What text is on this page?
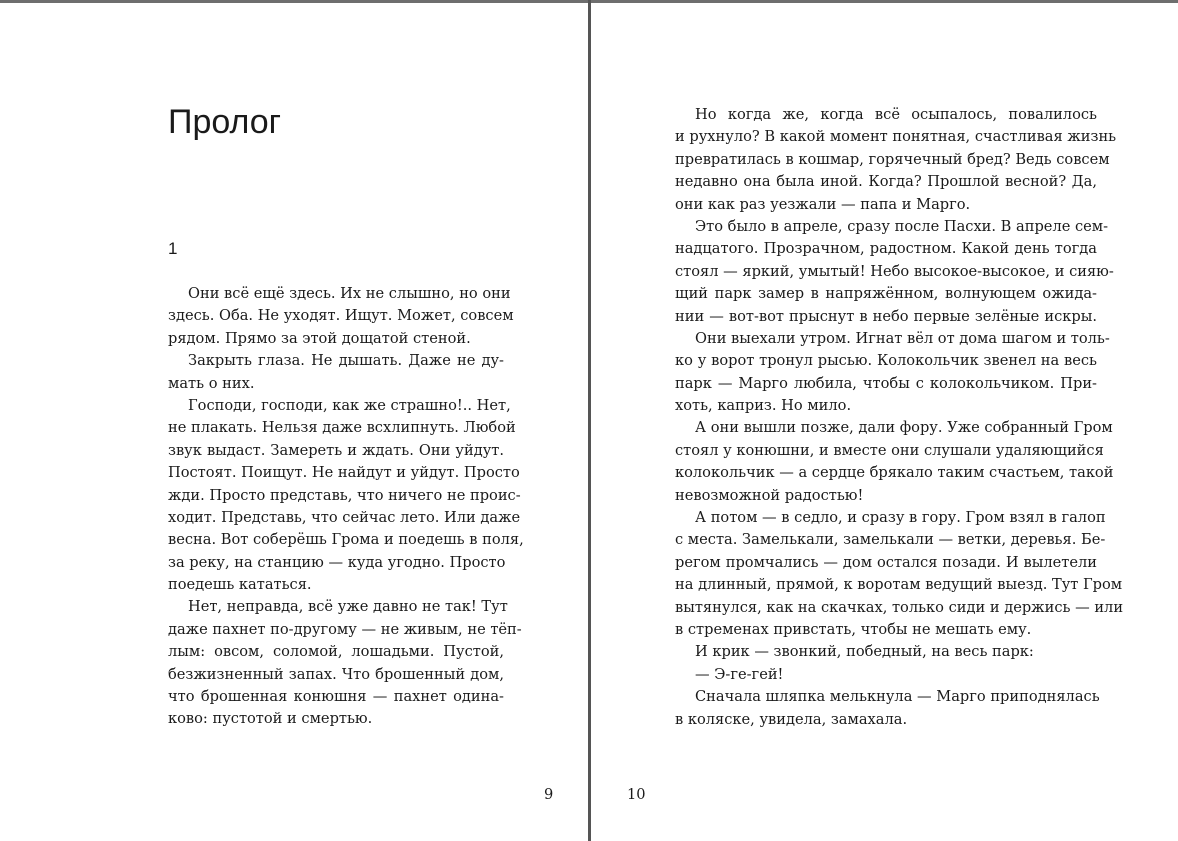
Пролог
1
Они всё ещё здесь. Их не слышно, но они
здесь. Оба. Не уходят. Ищут. Может, совсем
рядом. Прямо за этой дощатой стеной.
Закрыть глаза. Не дышать. Даже не ду-
мать о них.
Господи, господи, как же страшно!.. Нет,
не плакать. Нельзя даже всхлипнуть. Любой
звук выдаст. Замереть и ждать. Они уйдут.
Постоят. Поищут. Не найдут и уйдут. Просто
жди. Просто представь, что ничего не проис-
ходит. Представь, что сейчас лето. Или даже
весна. Вот соберёшь Грома и поедешь в поля,
за реку, на станцию — куда угодно. Просто
поедешь кататься.
Нет, неправда, всё уже давно не так! Тут
даже пахнет по-другому — не живым, не тёп-
лым: овсом, соломой, лошадьми. Пустой,
безжизненный запах. Что брошенный дом,
что брошенная конюшня — пахнет одина-
ково: пустотой и смертью.
9
Но когда же, когда всё осыпалось, повалилось
и рухнуло? В какой момент понятная, счастливая жизнь
превратилась в кошмар, горячечный бред? Ведь совсем
недавно она была иной. Когда? Прошлой весной? Да,
они как раз уезжали — папа и Марго.
Это было в апреле, сразу после Пасхи. В апреле сем-
надцатого. Прозрачном, радостном. Какой день тогда
стоял — яркий, умытый! Небо высокое-высокое, и сияю-
щий парк замер в напряжённом, волнующем ожида-
нии — вот-вот прыснут в небо первые зелёные искры.
Они выехали утром. Игнат вёл от дома шагом и толь-
ко у ворот тронул рысью. Колокольчик звенел на весь
парк — Марго любила, чтобы с колокольчиком. При-
хоть, каприз. Но мило.
А они вышли позже, дали фору. Уже собранный Гром
стоял у конюшни, и вместе они слушали удаляющийся
колокольчик — а сердце брякало таким счастьем, такой
невозможной радостью!
А потом — в седло, и сразу в гору. Гром взял в галоп
с места. Замелькали, замелькали — ветки, деревья. Бе-
регом промчались — дом остался позади. И вылетели
на длинный, прямой, к воротам ведущий выезд. Тут Гром
вытянулся, как на скачках, только сиди и держись — или
в стременах привстать, чтобы не мешать ему.
И крик — звонкий, победный, на весь парк:
— Э-ге-гей!
Сначала шляпка мелькнула — Марго приподнялась
в коляске, увидела, замахала.
10
